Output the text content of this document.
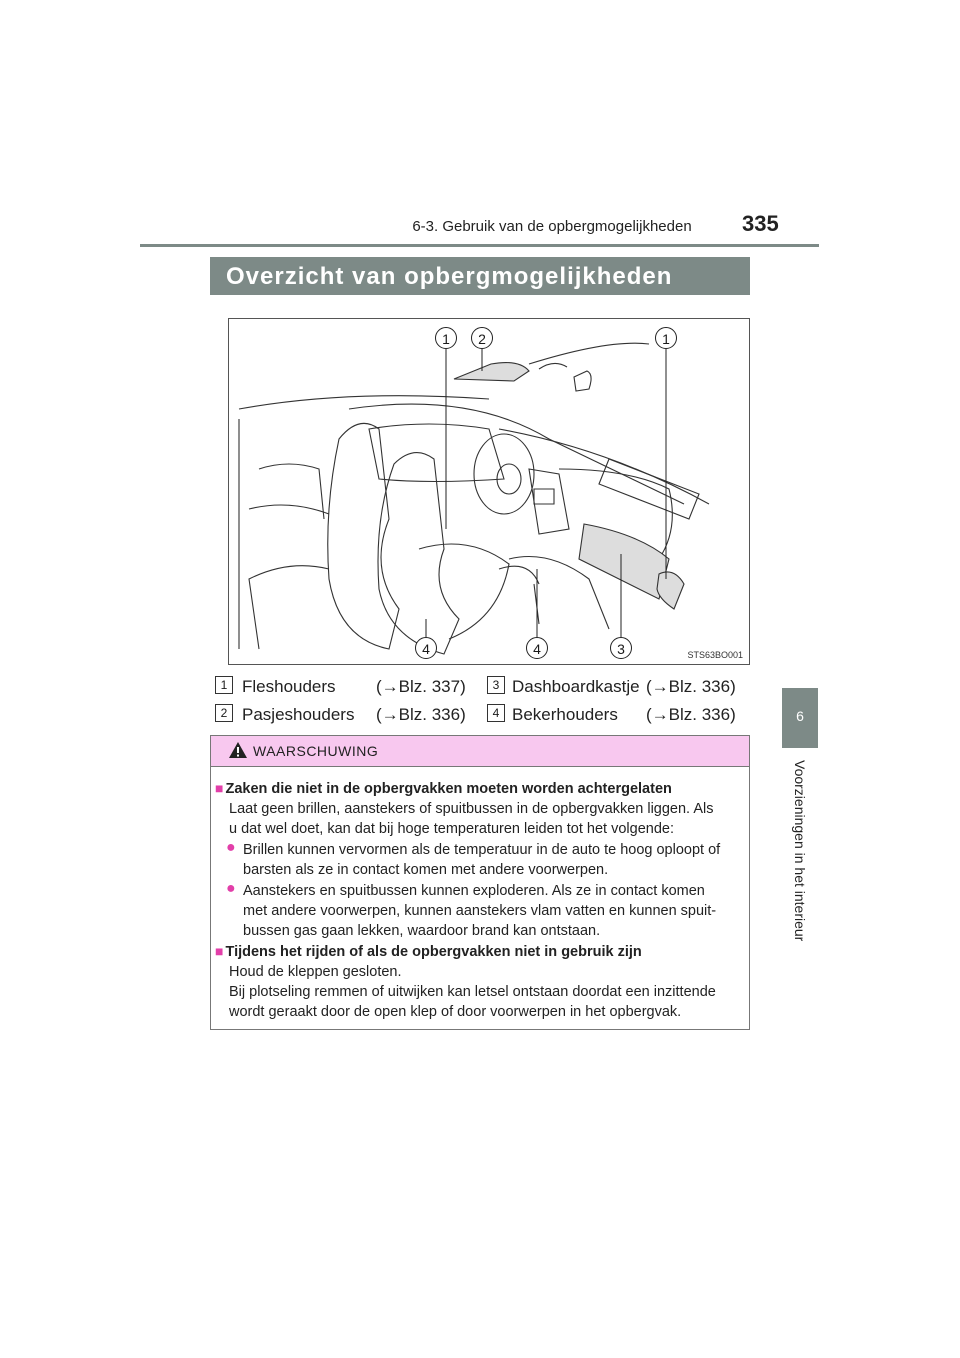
6-3. Gebruik van de opbergmogelijkheden 335
6
Voorzieningen in het interieur
Overzicht van opbergmogelijkheden
1	2	1
4	4	3	STS63BO001
1 Fleshouders (→Blz. 337)
2 Pasjeshouders (→Blz. 336)
3 Dashboardkastje (→Blz. 336)
4 Bekerhouders (→Blz. 336)
WAARSCHUWING
■ Zaken die niet in de opbergvakken moeten worden achtergelaten
Laat geen brillen, aanstekers of spuitbussen in de opbergvakken liggen. Als
u dat wel doet, kan dat bij hoge temperaturen leiden tot het volgende:
● Brillen kunnen vervormen als de temperatuur in de auto te hoog oploopt of
barsten als ze in contact komen met andere voorwerpen.
● Aanstekers en spuitbussen kunnen exploderen. Als ze in contact komen
met andere voorwerpen, kunnen aanstekers vlam vatten en kunnen spuit-
bussen gas gaan lekken, waardoor brand kan ontstaan.
■ Tijdens het rijden of als de opbergvakken niet in gebruik zijn
Houd de kleppen gesloten.
Bij plotseling remmen of uitwijken kan letsel ontstaan doordat een inzittende
wordt geraakt door de open klep of door voorwerpen in het opbergvak.
